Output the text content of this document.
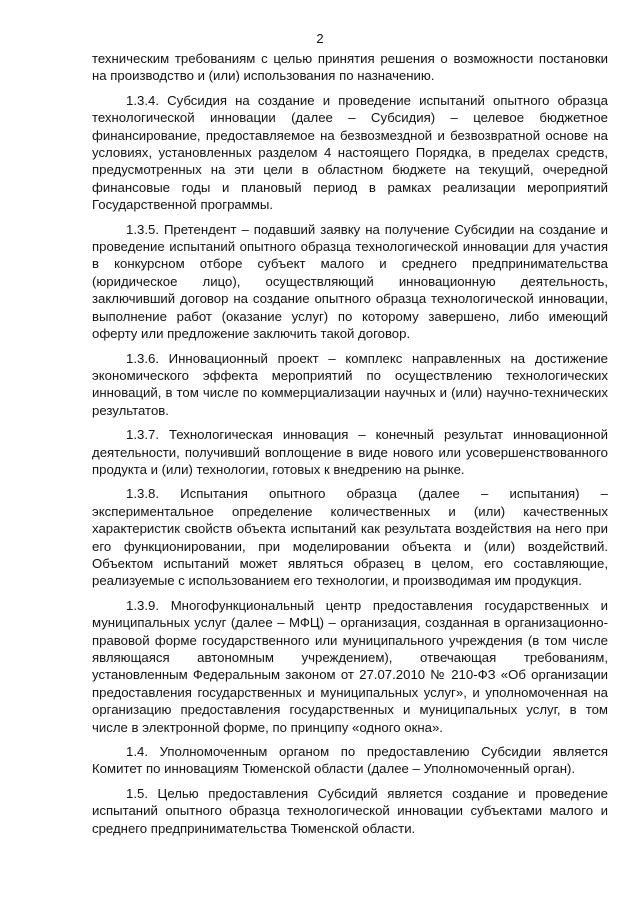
2

техническим требованиям с целью принятия решения о возможности постановки на производство и (или) использования по назначению.

1.3.4. Субсидия на создание и проведение испытаний опытного образца технологической инновации (далее – Субсидия) – целевое бюджетное финансирование, предоставляемое на безвозмездной и безвозвратной основе на условиях, установленных разделом 4 настоящего Порядка, в пределах средств, предусмотренных на эти цели в областном бюджете на текущий, очередной финансовые годы и плановый период в рамках реализации мероприятий Государственной программы.

1.3.5. Претендент – подавший заявку на получение Субсидии на создание и проведение испытаний опытного образца технологической инновации для участия в конкурсном отборе субъект малого и среднего предпринимательства (юридическое лицо), осуществляющий инновационную деятельность, заключивший договор на создание опытного образца технологической инновации, выполнение работ (оказание услуг) по которому завершено, либо имеющий оферту или предложение заключить такой договор.

1.3.6. Инновационный проект – комплекс направленных на достижение экономического эффекта мероприятий по осуществлению технологических инноваций, в том числе по коммерциализации научных и (или) научно-технических результатов.

1.3.7. Технологическая инновация – конечный результат инновационной деятельности, получивший воплощение в виде нового или усовершенствованного продукта и (или) технологии, готовых к внедрению на рынке.

1.3.8. Испытания опытного образца (далее – испытания) – экспериментальное определение количественных и (или) качественных характеристик свойств объекта испытаний как результата воздействия на него при его функционировании, при моделировании объекта и (или) воздействий. Объектом испытаний может являться образец в целом, его составляющие, реализуемые с использованием его технологии, и производимая им продукция.

1.3.9. Многофункциональный центр предоставления государственных и муниципальных услуг (далее – МФЦ) – организация, созданная в организационно-правовой форме государственного или муниципального учреждения (в том числе являющаяся автономным учреждением), отвечающая требованиям, установленным Федеральным законом от 27.07.2010 № 210-ФЗ «Об организации предоставления государственных и муниципальных услуг», и уполномоченная на организацию предоставления государственных и муниципальных услуг, в том числе в электронной форме, по принципу «одного окна».

1.4. Уполномоченным органом по предоставлению Субсидии является Комитет по инновациям Тюменской области (далее – Уполномоченный орган).

1.5. Целью предоставления Субсидий является создание и проведение испытаний опытного образца технологической инновации субъектами малого и среднего предпринимательства Тюменской области.
